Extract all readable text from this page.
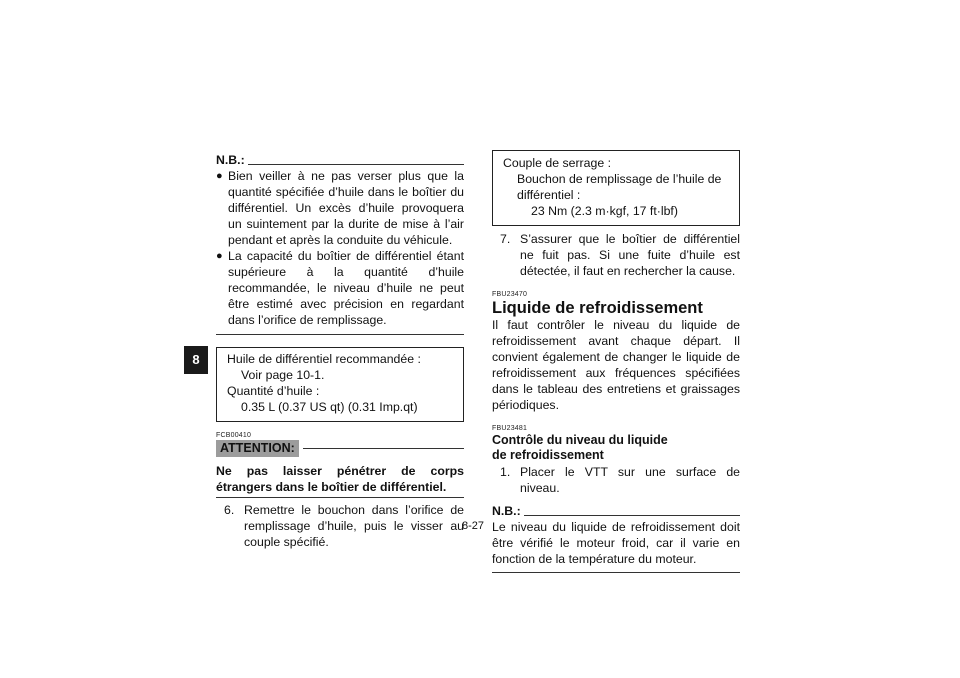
8
N.B.:
● Bien veiller à ne pas verser plus que la quantité spécifiée d’huile dans le boîtier du différentiel. Un excès d’huile provoquera un suintement par la durite de mise à l’air pendant et après la conduite du véhicule.
● La capacité du boîtier de différentiel étant supérieure à la quantité d’huile recommandée, le niveau d’huile ne peut être estimé avec précision en regardant dans l’orifice de remplissage.
Huile de différentiel recommandée :
Voir page 10-1.
Quantité d’huile :
0.35 L (0.37 US qt) (0.31 Imp.qt)
FCB00410
ATTENTION:
Ne pas laisser pénétrer de corps étrangers dans le boîtier de différentiel.
6. Remettre le bouchon dans l’orifice de remplissage d’huile, puis le visser au couple spécifié.
Couple de serrage :
Bouchon de remplissage de l’huile de
différentiel :
23 Nm (2.3 m·kgf, 17 ft·lbf)
7. S’assurer que le boîtier de différentiel ne fuit pas. Si une fuite d’huile est détectée, il faut en rechercher la cause.
FBU23470
Liquide de refroidissement
Il faut contrôler le niveau du liquide de refroidissement avant chaque départ. Il convient également de changer le liquide de refroidissement aux fréquences spécifiées dans le tableau des entretiens et graissages périodiques.
FBU23481
Contrôle du niveau du liquide de refroidissement
1. Placer le VTT sur une surface de niveau.
N.B.:
Le niveau du liquide de refroidissement doit être vérifié le moteur froid, car il varie en fonction de la température du moteur.
8-27
